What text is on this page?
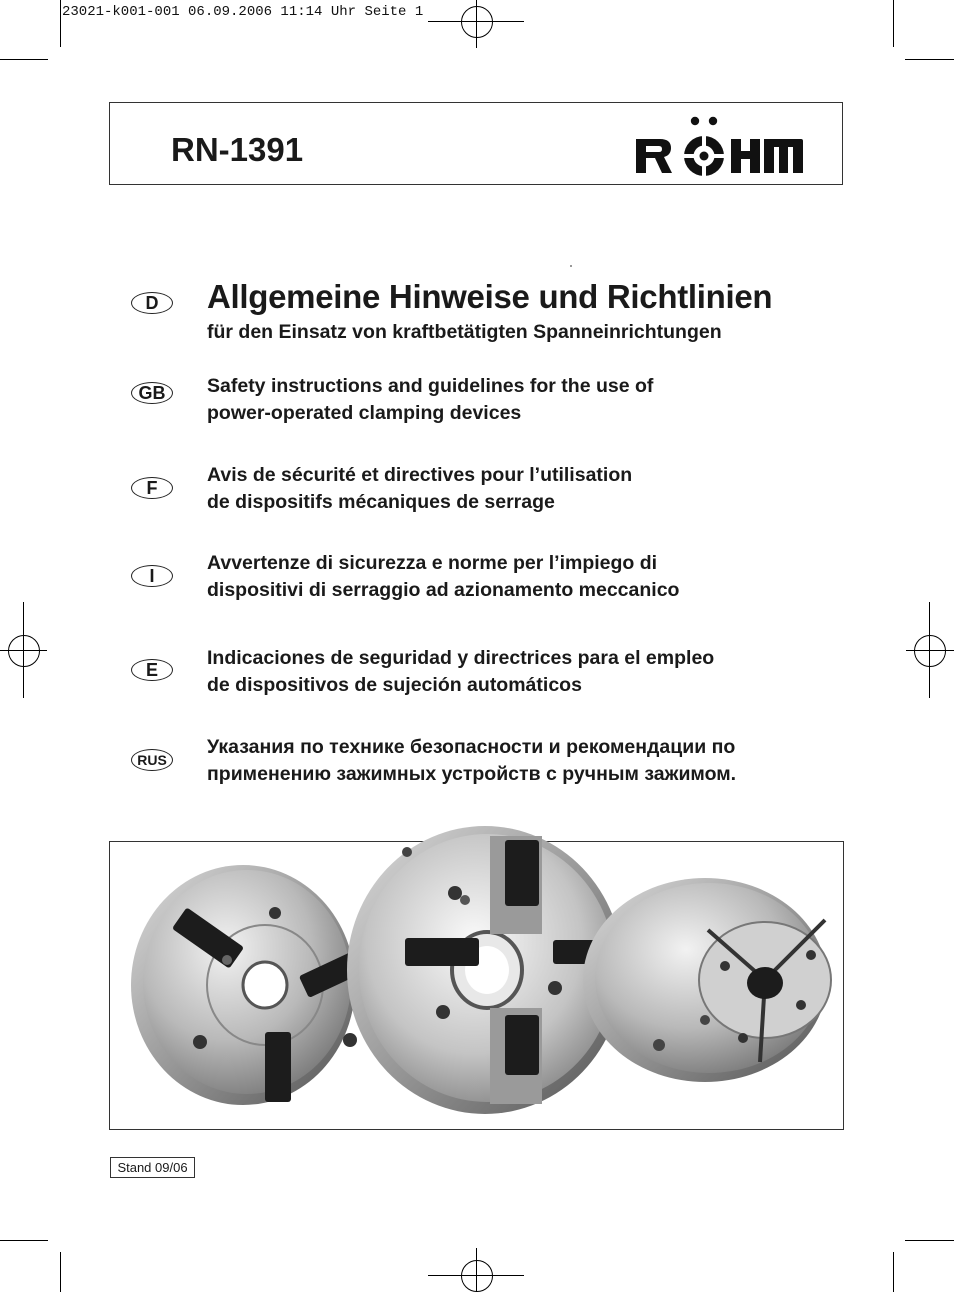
23021-k001-001 06.09.2006 11:14 Uhr Seite 1
RN-1391
D
GB
F
I
E
RUS
Allgemeine Hinweise und Richtlinien
für den Einsatz von kraftbetätigten Spanneinrichtungen
Safety instructions and guidelines for the use of
power-operated clamping devices
Avis de sécurité et directives pour l’utilisation
de dispositifs mécaniques de serrage
Avvertenze di sicurezza e norme per l’impiego di
dispositivi di serraggio ad azionamento meccanico
Indicaciones de seguridad y directrices para el empleo
de dispositivos de sujeción automáticos
Указания по технике безопасности и рекомендации по
применению зажимных устройств с ручным зажимом.
Stand 09/06
